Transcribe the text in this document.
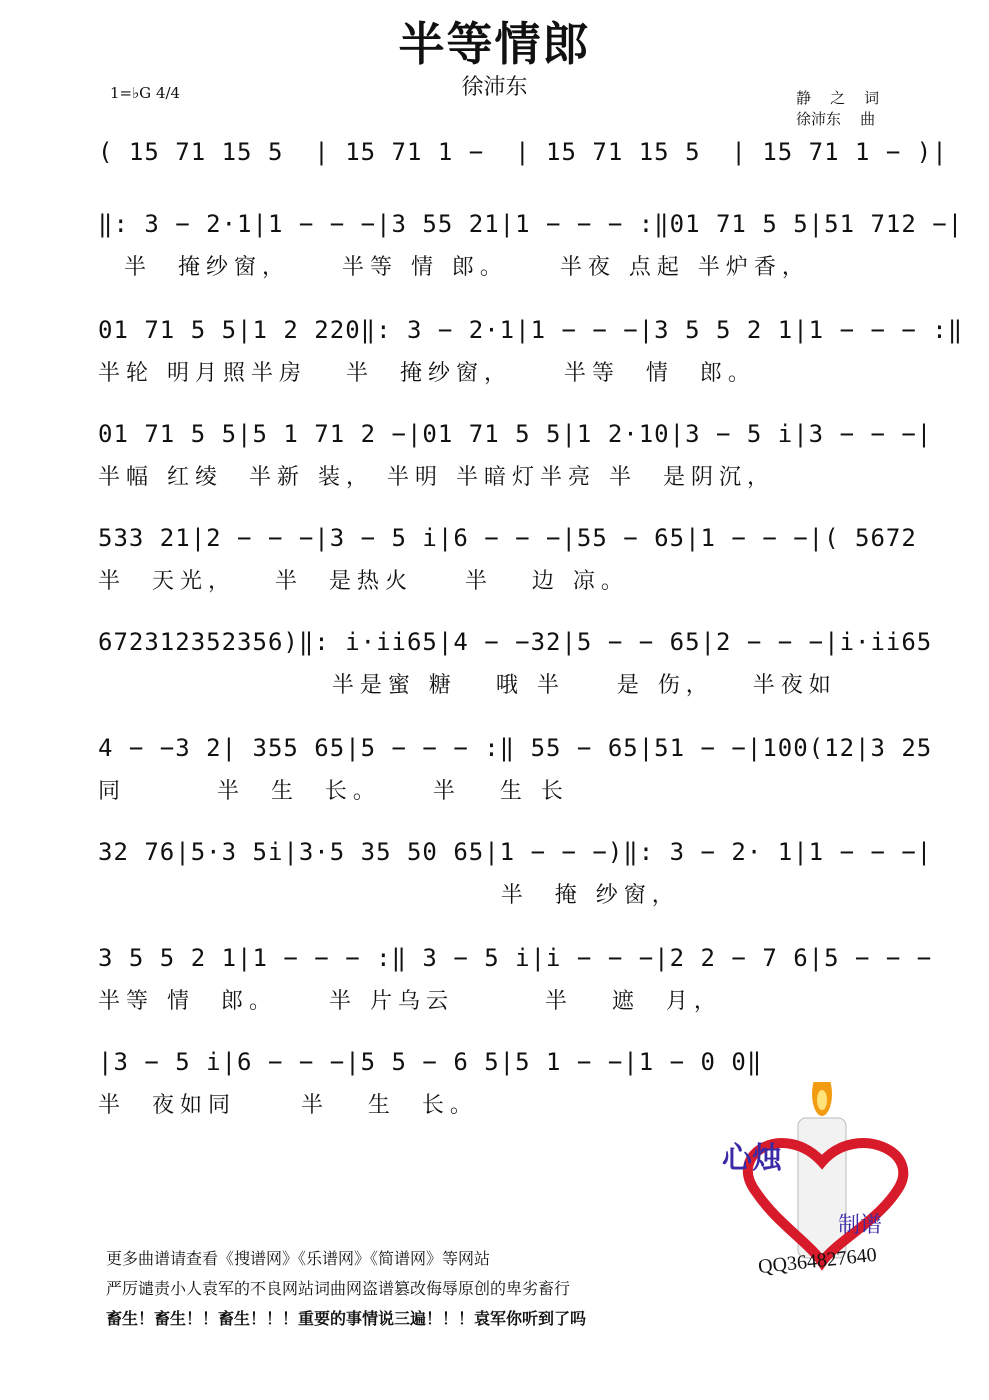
半等情郎
徐沛东
1=♭G 4/4	静    之    词
徐沛东    曲
( 15 71 15 5  | 15 71 1 −  | 15 71 15 5  | 15 71 1 − )|
‖: 3 − 2·1|1 − − −|3 55 21|1 − − − :‖01 71 5 5|51 712 −|
半  掩纱窗，    半等 情 郎。    半夜 点起 半炉香，
01 71 5 5|1 2 220‖: 3 − 2·1|1 − − −|3 5 5 2 1|1 − − − :‖
半轮 明月照半房   半  掩纱窗，    半等  情  郎。
01 71 5 5|5 1 71 2 −|01 71 5 5|1 2·10|3 − 5 i|3 − − −|
半幅 红绫  半新 装， 半明 半暗灯半亮 半  是阴沉，
533 21|2 − − −|3 − 5 i|6 − − −|55 − 65|1 − − −|( 5672
半  天光，   半  是热火    半   边 凉。
672312352356)‖: i·ii65|4 − −32|5 − − 65|2 − − −|i·ii65
半是蜜 糖   哦 半    是 伤，   半夜如
4 − −3 2| 355 65|5 − − − :‖ 55 − 65|51 − −|100(12|3 25
同       半  生  长。    半   生 长
32 76|5·3 5i|3·5 35 50 65|1 − − −)‖: 3 − 2· 1|1 − − −|
半  掩 纱窗，
3 5 5 2 1|1 − − − :‖ 3 − 5 i|i − − −|2 2 − 7 6|5 − − −
半等 情  郎。    半 片乌云       半   遮  月，
|3 − 5 i|6 − − −|5 5 − 6 5|5 1 − −|1 − 0 0‖
半  夜如同     半   生  长。
心烛
制谱
QQ364827640
更多曲谱请查看《搜谱网》《乐谱网》《简谱网》等网站
严厉谴责小人袁军的不良网站词曲网盗谱篡改侮辱原创的卑劣畜行
畜生！畜生！！畜生！！！重要的事情说三遍！！！袁军你听到了吗
